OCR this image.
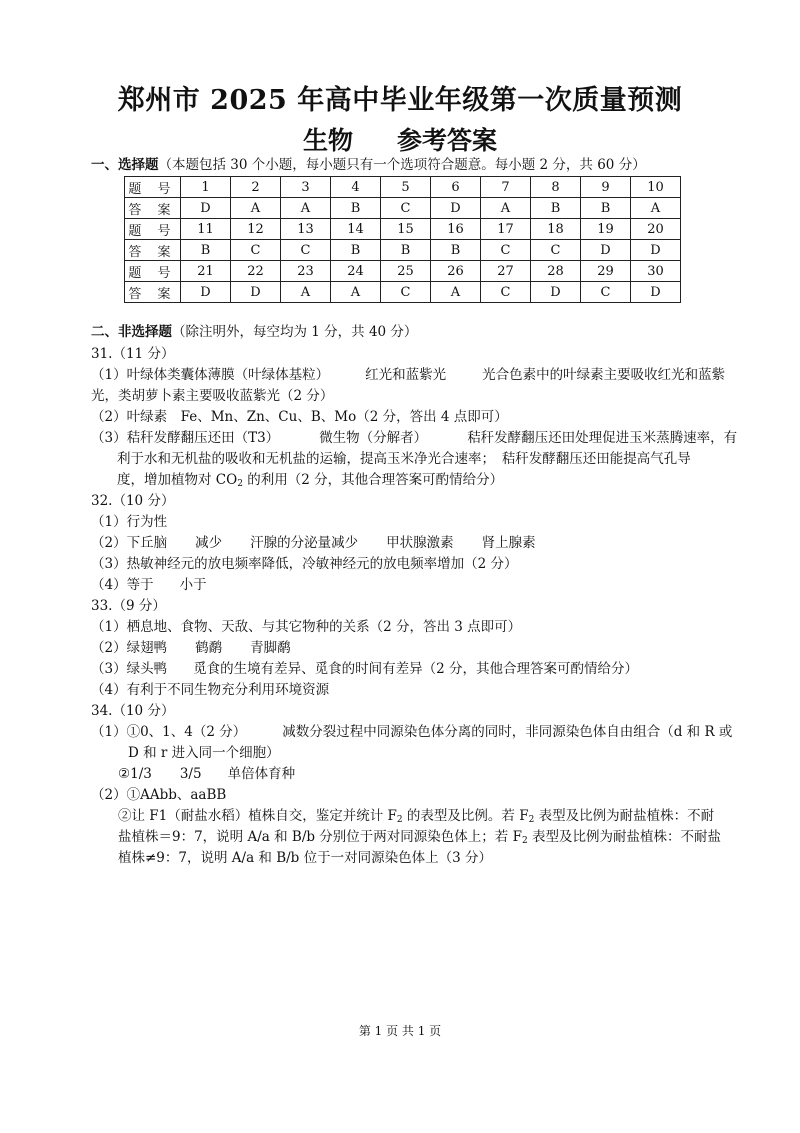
郑州市 2025 年高中毕业年级第一次质量预测
生物 参考答案
一、选择题（本题包括 30 个小题，每小题只有一个选项符合题意。每小题 2 分，共 60 分）
题 号	1	2	3	4	5	6	7	8	9	10
答 案	D	A	A	B	C	D	A	B	B	A
题 号	11	12	13	14	15	16	17	18	19	20
答 案	B	C	C	B	B	B	C	C	D	D
题 号	21	22	23	24	25	26	27	28	29	30
答 案	D	D	A	A	C	A	C	D	C	D
二、非选择题（除注明外，每空均为 1 分，共 40 分）
31.（11 分）
（1）叶绿体类囊体薄膜（叶绿体基粒）	红光和蓝紫光	光合色素中的叶绿素主要吸收红光和蓝紫
光，类胡萝卜素主要吸收蓝紫光（2 分）
（2）叶绿素　Fe、Mn、Zn、Cu、B、Mo（2 分，答出 4 点即可）
（3）秸秆发酵翻压还田（T3）	微生物（分解者）	秸秆发酵翻压还田处理促进玉米蒸腾速率，有
利于水和无机盐的吸收和无机盐的运输，提高玉米净光合速率；　秸秆发酵翻压还田能提高气孔导
度，增加植物对 $CO_2$ 的利用（2 分，其他合理答案可酌情给分）
32.（10 分）
（1）行为性
（2）下丘脑 减少 汗腺的分泌量减少 甲状腺激素 肾上腺素
（3）热敏神经元的放电频率降低，冷敏神经元的放电频率增加（2 分）
（4）等于 小于
33.（9 分）
（1）栖息地、食物、天敌、与其它物种的关系（2 分，答出 3 点即可）
（2）绿翅鸭 鹤鹬 青脚鹬
（3）绿头鸭 觅食的生境有差异、觅食的时间有差异（2 分，其他合理答案可酌情给分）
（4）有利于不同生物充分利用环境资源
34.（10 分）
（1）①0、1、4（2 分）	减数分裂过程中同源染色体分离的同时，非同源染色体自由组合（d 和 R 或
D 和 r 进入同一个细胞）
②1/3 3/5 单倍体育种
（2）①AAbb、aaBB
②让 F1（耐盐水稻）植株自交，鉴定并统计 $F_2$ 的表型及比例。若 $F_2$ 表型及比例为耐盐植株：不耐
盐植株＝9：7，说明 A/a 和 B/b 分别位于两对同源染色体上；若 $F_2$ 表型及比例为耐盐植株：不耐盐
植株≠9：7，说明 A/a 和 B/b 位于一对同源染色体上（3 分）
第 1 页 共 1 页
